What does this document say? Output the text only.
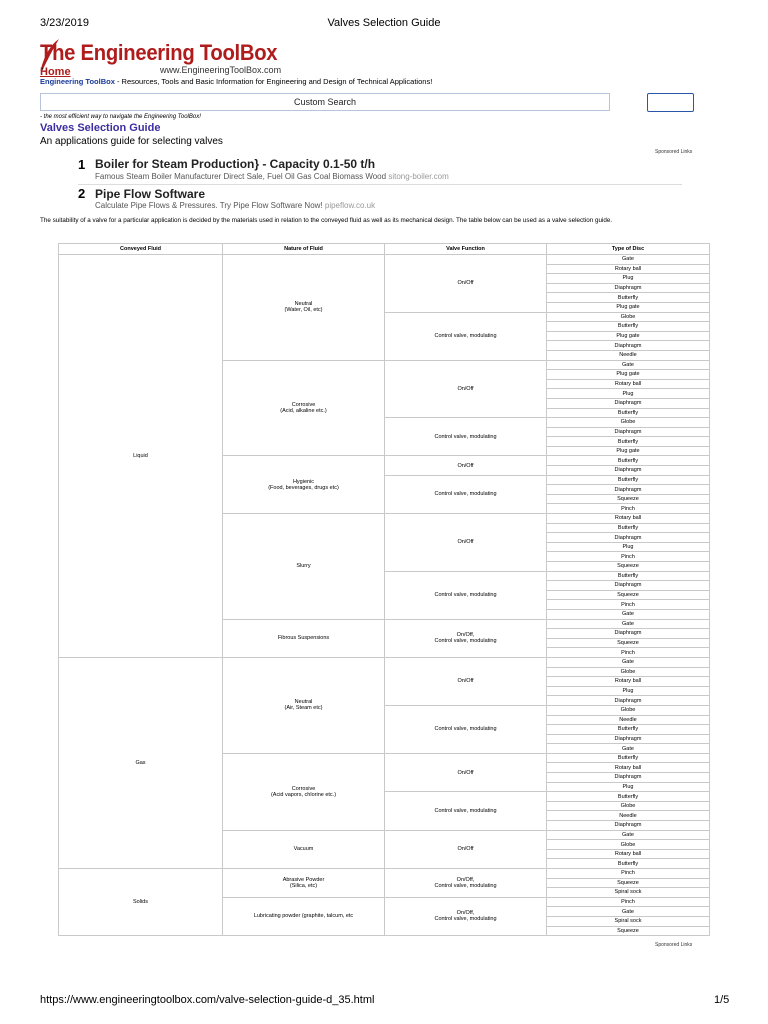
3/23/2019	Valves Selection Guide
The Engineering ToolBox
Home	www.EngineeringToolBox.com
Engineering ToolBox - Resources, Tools and Basic Information for Engineering and Design of Technical Applications!
Custom Search
- the most efficient way to navigate the Engineering ToolBox!
Valves Selection Guide
An applications guide for selecting valves
Sponsored Links
1 Boiler for Steam Production} - Capacity 0.1-50 t/h
Famous Steam Boiler Manufacturer Direct Sale, Fuel Oil Gas Coal Biomass Wood sitong-boiler.com
2 Pipe Flow Software
Calculate Pipe Flows & Pressures. Try Pipe Flow Software Now! pipeflow.co.uk
The suitability of a valve for a particular application is decided by the materials used in relation to the conveyed fluid as well as its mechanical design. The table below can be used as a valve selection guide.
Conveyed Fluid	Nature of Fluid	Valve Function	Type of Disc
Liquid	Neutral
(Water, Oil, etc)	On/Off	Gate
			Rotary ball
			Plug
			Diaphragm
			Butterfly
			Plug gate
		Control valve, modulating	Globe
			Butterfly
			Plug gate
			Diaphragm
			Needle
	Corrosive
(Acid, alkaline etc.)	On/Off	Gate
			Plug gate
			Rotary ball
			Plug
			Diaphragm
			Butterfly
		Control valve, modulating	Globe
			Diaphragm
			Butterfly
			Plug gate
	Hygienic
(Food, beverages, drugs etc)	On/Off	Butterfly
			Diaphragm
		Control valve, modulating	Butterfly
			Diaphragm
			Squeeze
			Pinch
	Slurry	On/Off	Rotary ball
			Butterfly
			Diaphragm
			Plug
			Pinch
			Squeeze
		Control valve, modulating	Butterfly
			Diaphragm
			Squeeze
			Pinch
			Gate
	Fibrous Suspensions	On/Off,
Control valve, modulating	Gate
			Diaphragm
			Squeeze
			Pinch
Gas	Neutral
(Air, Steam etc)	On/Off	Gate
			Globe
			Rotary ball
			Plug
			Diaphragm
		Control valve, modulating	Globe
			Needle
			Butterfly
			Diaphragm
			Gate
	Corrosive
(Acid vapors, chlorine etc.)	On/Off	Butterfly
			Rotary ball
			Diaphragm
			Plug
		Control valve, modulating	Butterfly
			Globe
			Needle
			Diaphragm
	Vacuum	On/Off	Gate
			Globe
			Rotary ball
			Butterfly
Solids	Abrasive Powder
(Silica, etc)	On/Off,
Control valve, modulating	Pinch
			Squeeze
			Spiral sock
	Lubricating powder (graphite, talcum, etc	On/Off,
Control valve, modulating	Pinch
			Gate
			Spiral sock
			Squeeze
Sponsored Links
https://www.engineeringtoolbox.com/valve-selection-guide-d_35.html	1/5
